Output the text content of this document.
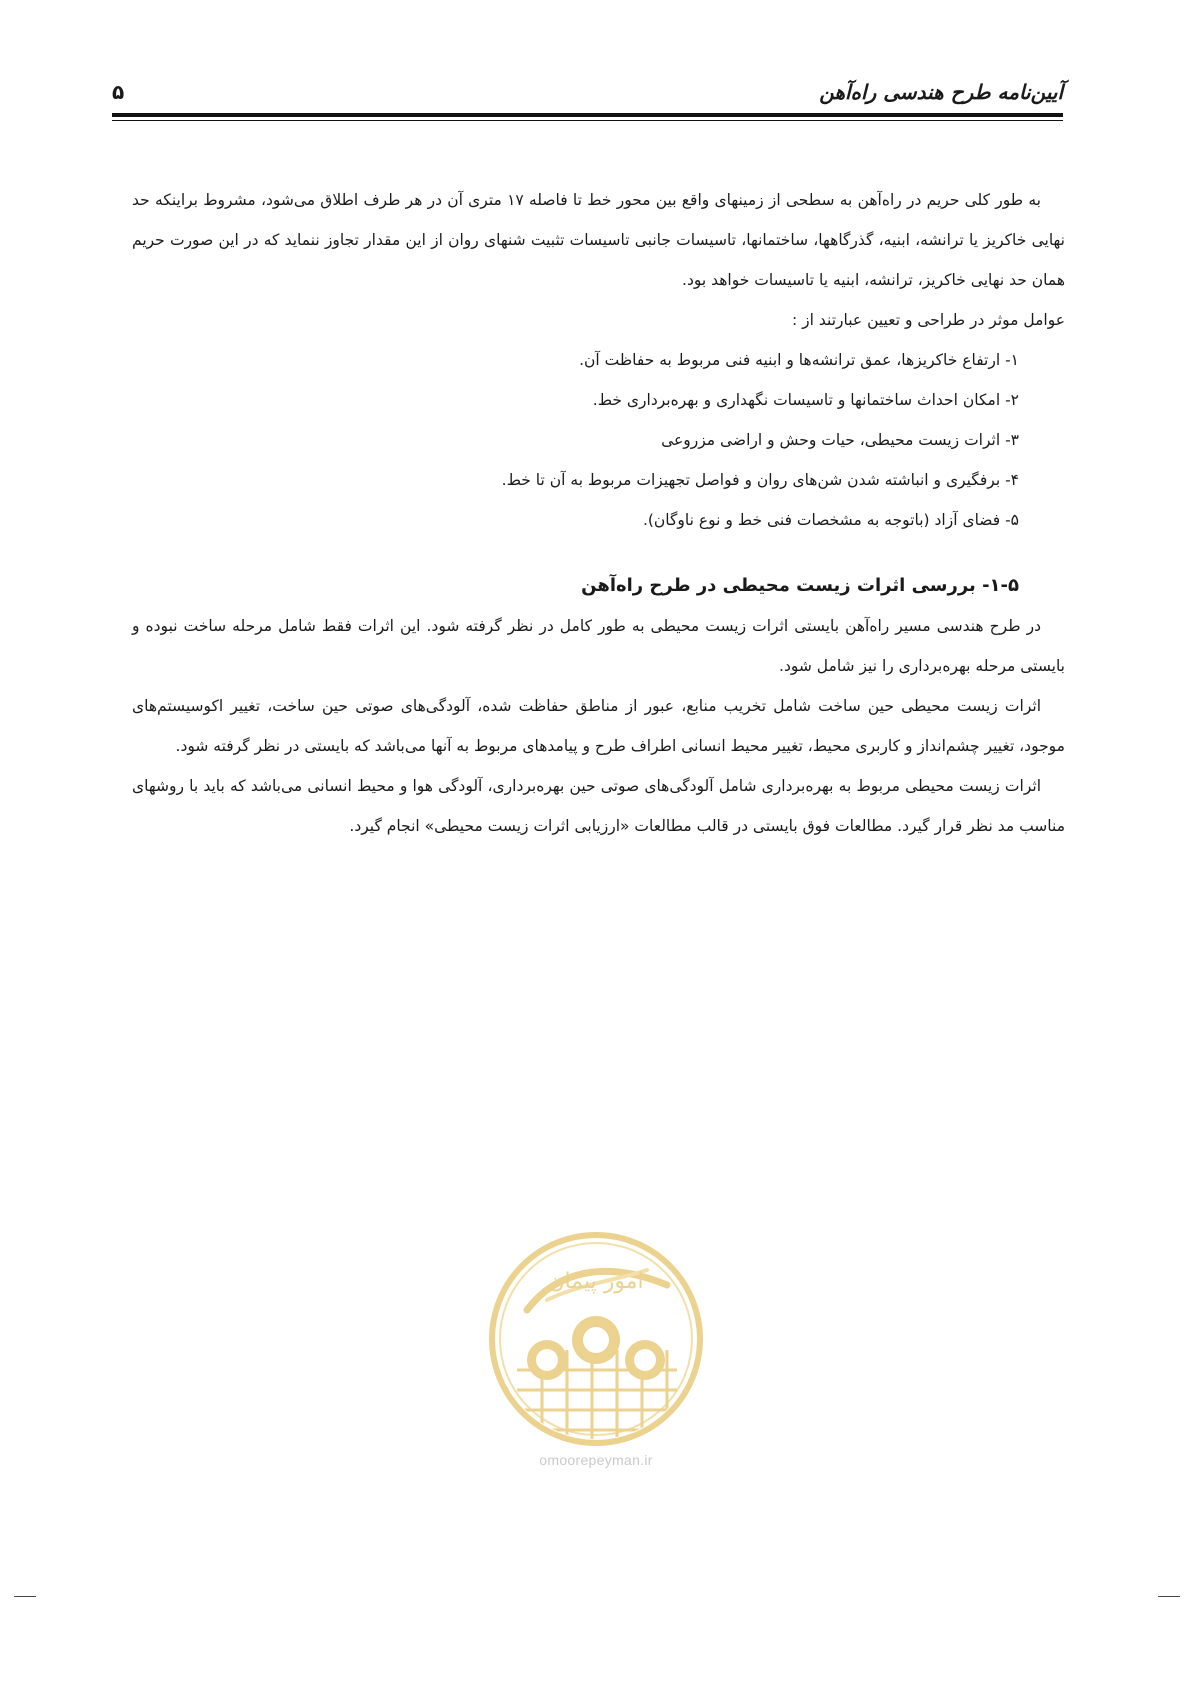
آیین‌نامه طرح هندسی راه‌آهن
۵

به طور کلی حریم در راه‌آهن به سطحی از زمینهای واقع بین محور خط تا فاصله ۱۷ متری آن در هر طرف اطلاق می‌شود، مشروط براینکه حد نهایی خاکریز یا ترانشه، ابنیه، گذرگاهها، ساختمانها، تاسیسات جانبی تاسیسات تثبیت شنهای روان از این مقدار تجاوز ننماید که در این صورت حریم همان حد نهایی خاکریز، ترانشه، ابنیه یا تاسیسات خواهد بود.

عوامل موثر در طراحی و تعیین عبارتند از :

۱- ارتفاع خاکریزها، عمق ترانشه‌ها و ابنیه فنی مربوط به حفاظت آن.
۲- امکان احداث ساختمانها و تاسیسات نگهداری و بهره‌برداری خط.
۳- اثرات زیست محیطی، حیات وحش و اراضی مزروعی
۴- برفگیری و انباشته شدن شن‌های روان و فواصل تجهیزات مربوط به آن تا خط.
۵- فضای آزاد (باتوجه به مشخصات فنی خط و نوع ناوگان).
۱-۵- بررسی اثرات زیست محیطی در طرح راه‌آهن

در طرح هندسی مسیر راه‌آهن بایستی اثرات زیست محیطی به طور کامل در نظر گرفته شود. این اثرات فقط شامل مرحله ساخت نبوده و بایستی مرحله بهره‌برداری را نیز شامل شود.

اثرات زیست محیطی حین ساخت شامل تخریب منابع، عبور از مناطق حفاظت شده، آلودگی‌های صوتی حین ساخت، تغییر اکوسیستم‌های موجود، تغییر چشم‌انداز و کاربری محیط، تغییر محیط انسانی اطراف طرح و پیامدهای مربوط به آنها می‌باشد که بایستی در نظر گرفته شود.

اثرات زیست محیطی مربوط به بهره‌برداری شامل آلودگی‌های صوتی حین بهره‌برداری، آلودگی هوا و محیط انسانی می‌باشد که باید با روشهای مناسب مد نظر قرار گیرد. مطالعات فوق بایستی در قالب مطالعات «ارزیابی اثرات زیست محیطی» انجام گیرد.

امور پیمان
omoorepeyman.ir
